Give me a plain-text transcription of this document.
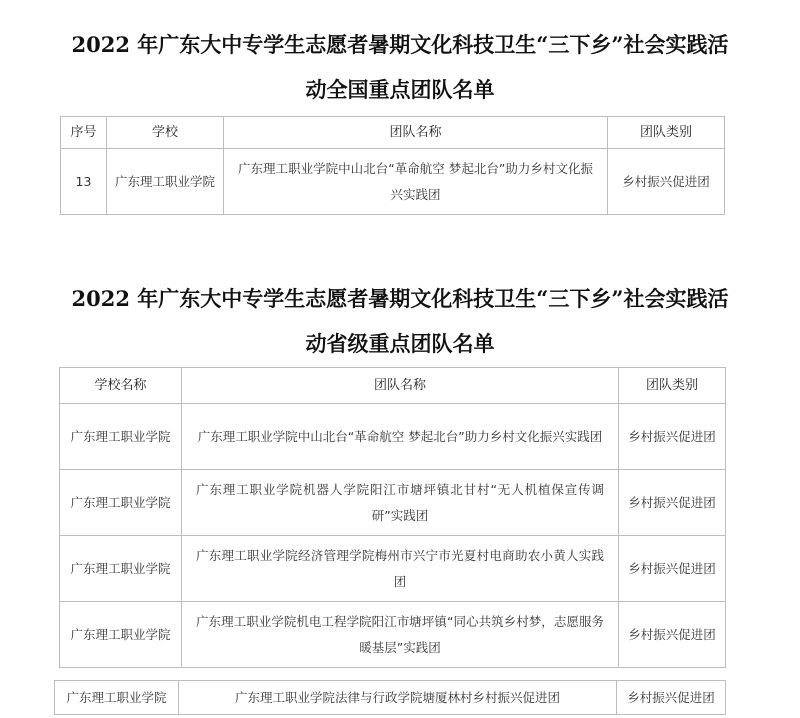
2022 年广东大中专学生志愿者暑期文化科技卫生“三下乡”社会实践活
动全国重点团队名单
序号	学校	团队名称	团队类别
13	广东理工职业学院	广东理工职业学院中山北台“革命航空 梦起北台”助力乡村文化振兴实践团	乡村振兴促进团
2022 年广东大中专学生志愿者暑期文化科技卫生“三下乡”社会实践活
动省级重点团队名单
学校名称	团队名称	团队类别
广东理工职业学院	广东理工职业学院中山北台“革命航空 梦起北台”助力乡村文化振兴实践团	乡村振兴促进团
广东理工职业学院	广东理工职业学院机器人学院阳江市塘坪镇北甘村“无人机植保宣传调研”实践团	乡村振兴促进团
广东理工职业学院	广东理工职业学院经济管理学院梅州市兴宁市光夏村电商助农小黄人实践团	乡村振兴促进团
广东理工职业学院	广东理工职业学院机电工程学院阳江市塘坪镇“同心共筑乡村梦，志愿服务暖基层”实践团	乡村振兴促进团
广东理工职业学院	广东理工职业学院法律与行政学院塘厦林村乡村振兴促进团	乡村振兴促进团
